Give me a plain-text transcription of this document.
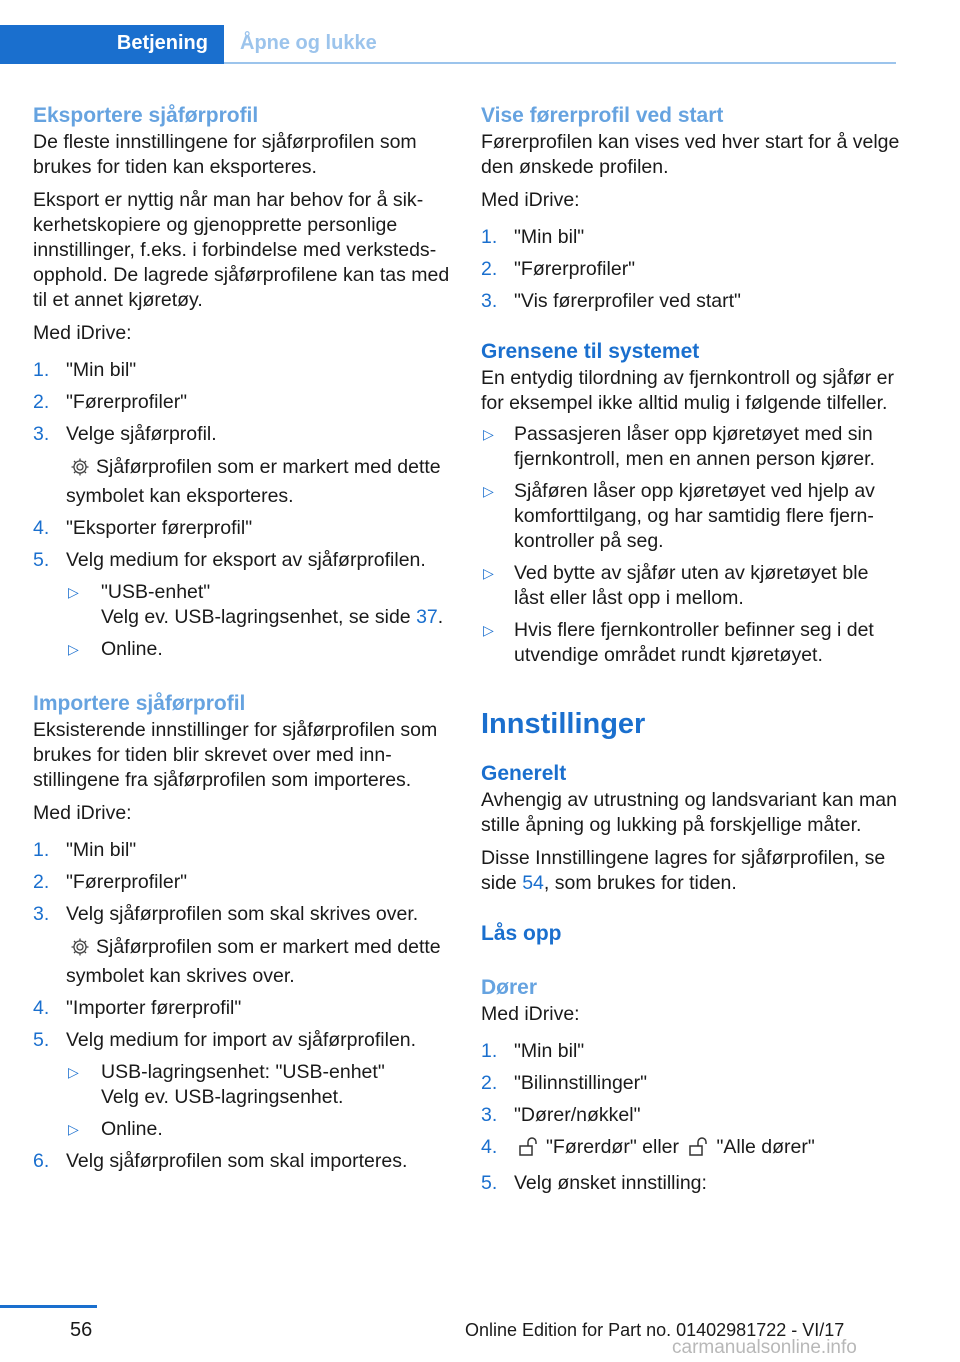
Betjening	Åpne og lukke
Eksportere sjåførprofil

De fleste innstillingene for sjåførprofilen som brukes for tiden kan eksporteres.

Eksport er nyttig når man har behov for å sikkerhetskopiere og gjenopprette personlige innstillinger, f.eks. i forbindelse med verkstedsopphold. De lagrede sjåførprofilene kan tas med til et annet kjøretøy.

Med iDrive:

1. "Min bil"
2. "Førerprofiler"
3. Velge sjåførprofil.
Sjåførprofilen som er markert med dette symbolet kan eksporteres.
4. "Eksporter førerprofil"
5. Velg medium for eksport av sjåførprofilen.
▷ "USB-enhet"
Velg ev. USB-lagringsenhet, se side 37.
▷ Online.
Importere sjåførprofil

Eksisterende innstillinger for sjåførprofilen som brukes for tiden blir skrevet over med innstillingene fra sjåførprofilen som importeres.

Med iDrive:

1. "Min bil"
2. "Førerprofiler"
3. Velg sjåførprofilen som skal skrives over.
Sjåførprofilen som er markert med dette symbolet kan skrives over.
4. "Importer førerprofil"
5. Velg medium for import av sjåførprofilen.
▷ USB-lagringsenhet: "USB-enhet"
Velg ev. USB-lagringsenhet.
▷ Online.
6. Velg sjåførprofilen som skal importeres.
Vise førerprofil ved start

Førerprofilen kan vises ved hver start for å velge den ønskede profilen.

Med iDrive:

1. "Min bil"
2. "Førerprofiler"
3. "Vis førerprofiler ved start"
Grensene til systemet

En entydig tilordning av fjernkontroll og sjåfør er for eksempel ikke alltid mulig i følgende tilfeller.

▷ Passasjeren låser opp kjøretøyet med sin fjernkontroll, men en annen person kjører.
▷ Sjåføren låser opp kjøretøyet ved hjelp av komforttilgang, og har samtidig flere fjernkontroller på seg.
▷ Ved bytte av sjåfør uten av kjøretøyet ble låst eller låst opp i mellom.
▷ Hvis flere fjernkontroller befinner seg i det utvendige området rundt kjøretøyet.
Innstillinger
Generelt

Avhengig av utrustning og landsvariant kan man stille åpning og lukking på forskjellige måter.

Disse Innstillingene lagres for sjåførprofilen, se side 54, som brukes for tiden.

Lås opp
Dører

Med iDrive:

1. "Min bil"
2. "Bilinnstillinger"
3. "Dører/nøkkel"
4. "Førerdør" eller "Alle dører"
5. Velg ønsket innstilling:
56	Online Edition for Part no. 01402981722 - VI/17
carmanualsonline.info
